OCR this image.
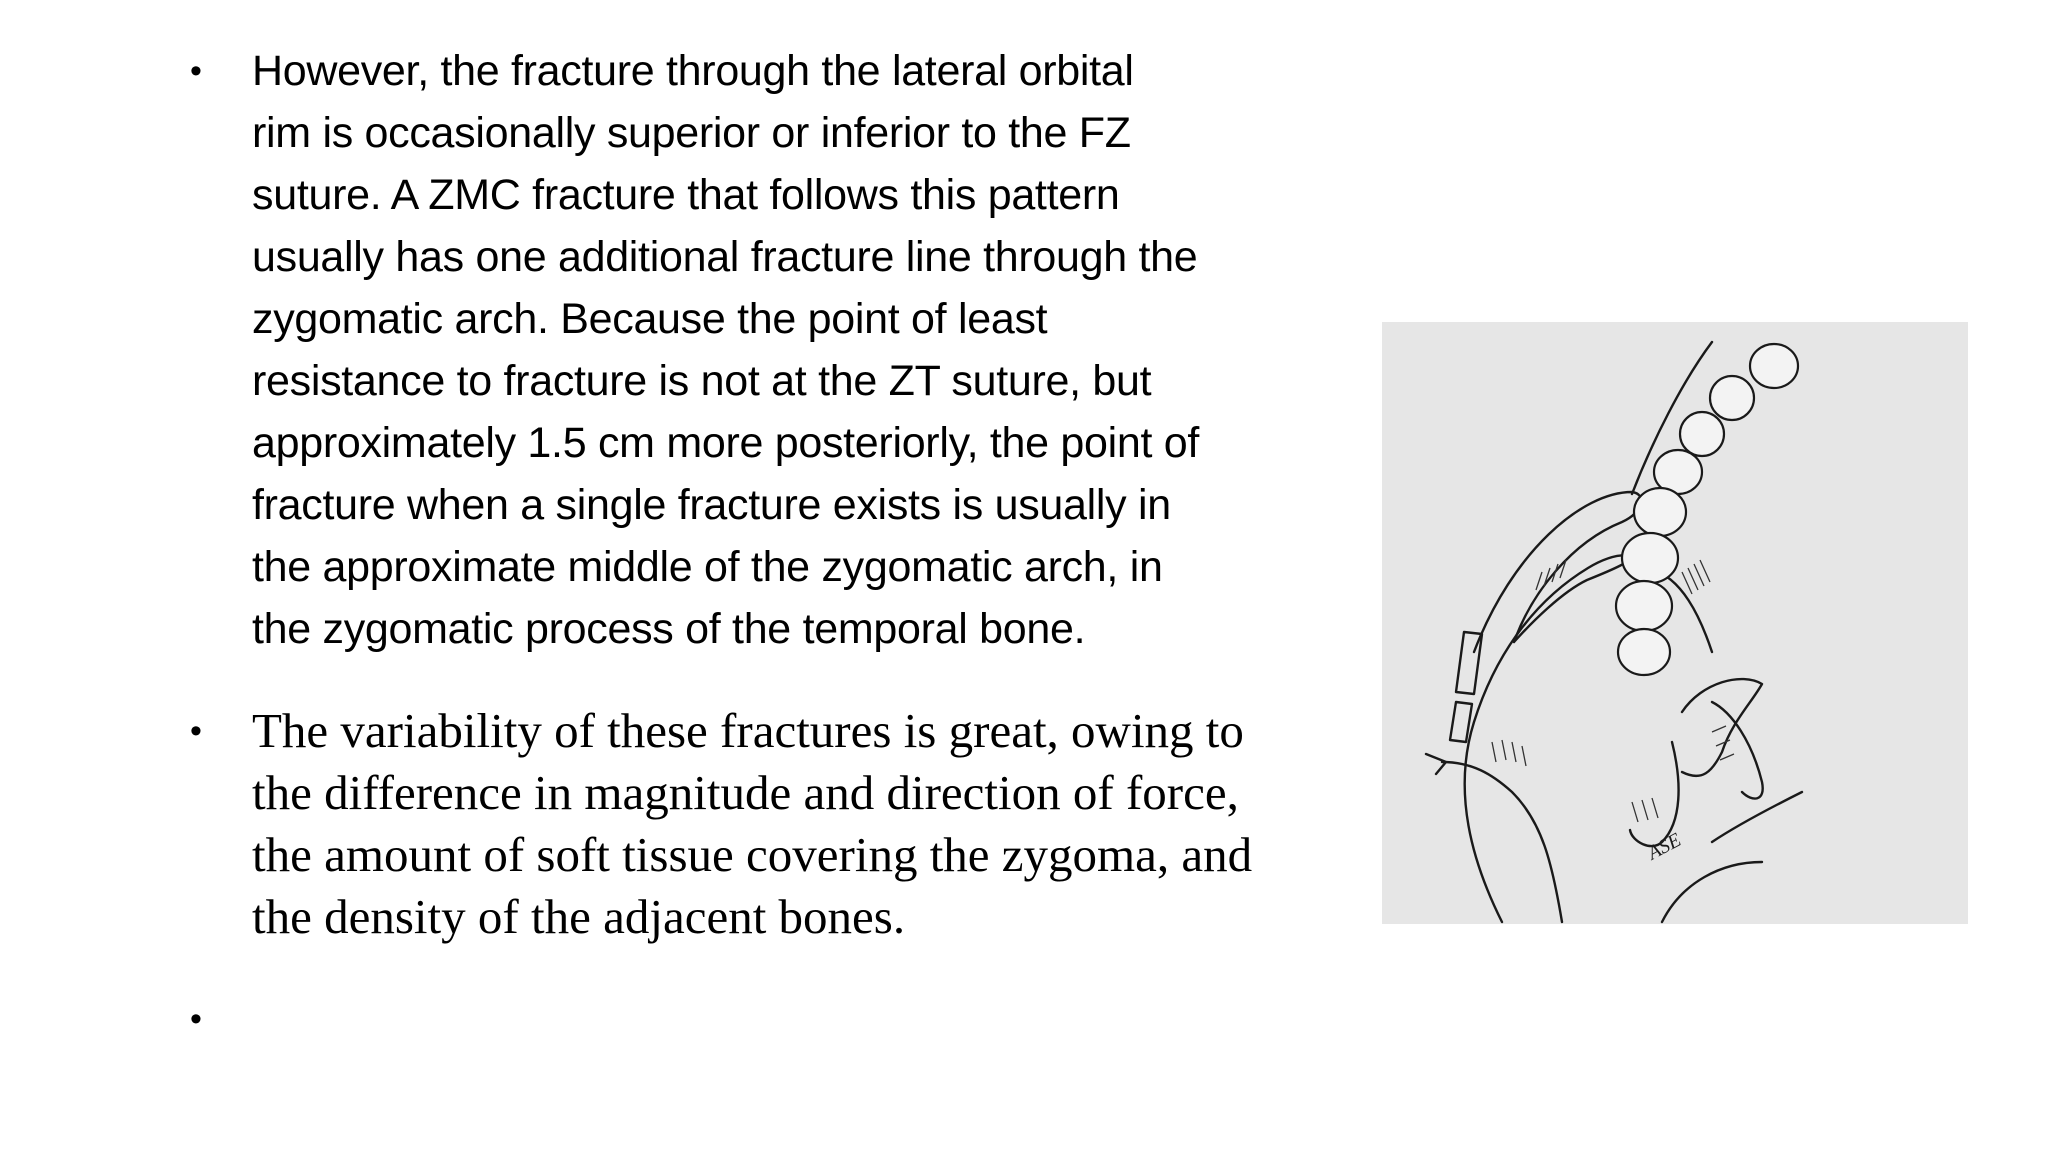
• However, the fracture through the lateral orbital
rim is occasionally superior or inferior to the FZ
suture. A ZMC fracture that follows this pattern
usually has one additional fracture line through the
zygomatic arch. Because the point of least
resistance to fracture is not at the ZT suture, but
approximately 1.5 cm more posteriorly, the point of
fracture when a single fracture exists is usually in
the approximate middle of the zygomatic arch, in
the zygomatic process of the temporal bone.
• The variability of these fractures is great, owing to
the difference in magnitude and direction of force,
the amount of soft tissue covering the zygoma, and
the density of the adjacent bones.
•
ASE
